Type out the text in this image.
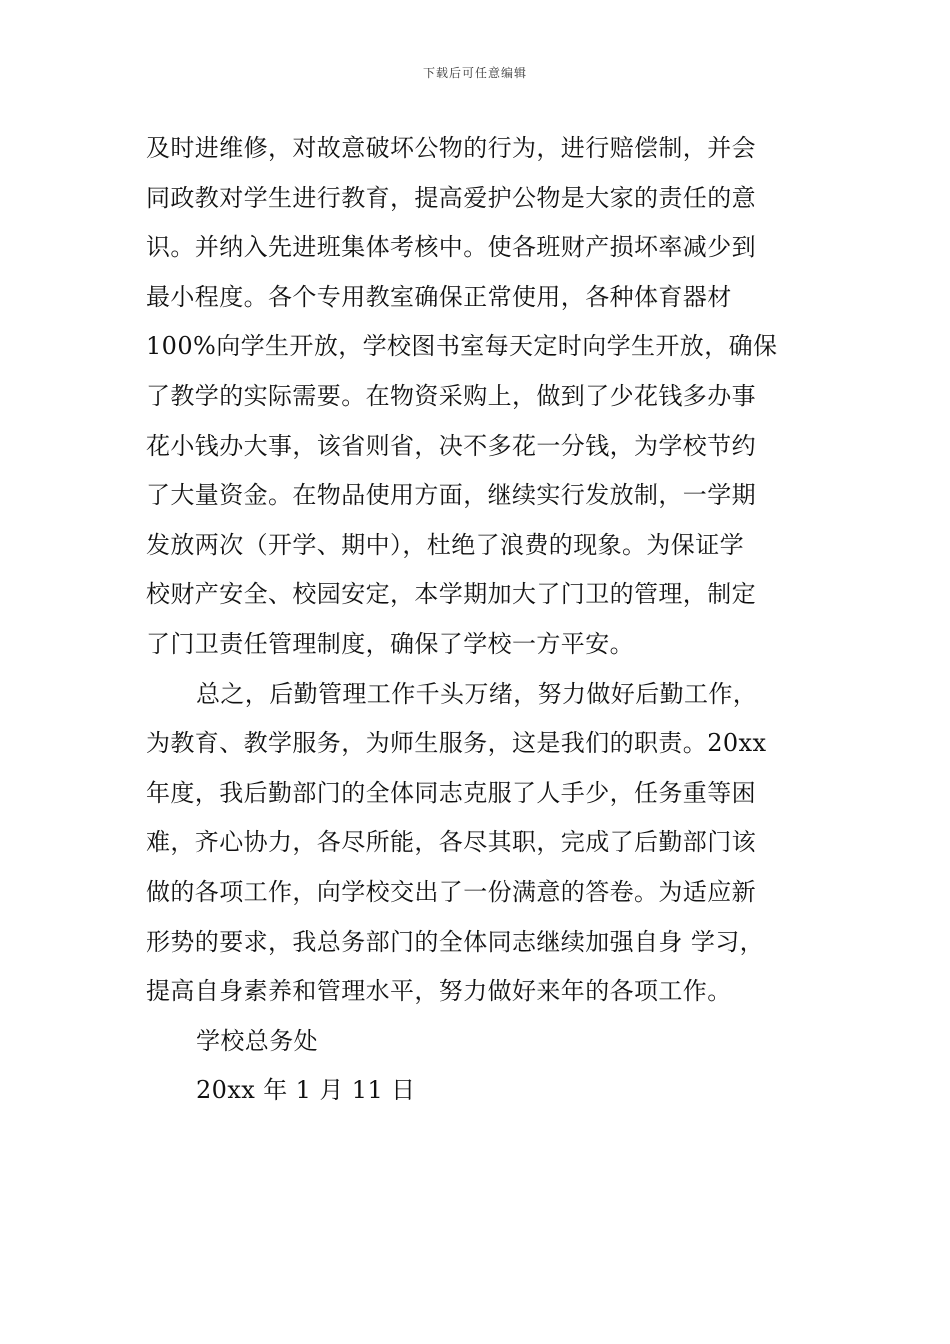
下载后可任意编辑
及时进维修，对故意破坏公物的行为，进行赔偿制，并会
同政教对学生进行教育，提高爱护公物是大家的责任的意
识。并纳入先进班集体考核中。使各班财产损坏率减少到
最小程度。各个专用教室确保正常使用，各种体育器材
100%向学生开放，学校图书室每天定时向学生开放，确保
了教学的实际需要。在物资采购上，做到了少花钱多办事
花小钱办大事，该省则省，决不多花一分钱，为学校节约
了大量资金。在物品使用方面，继续实行发放制，一学期
发放两次（开学、期中），杜绝了浪费的现象。为保证学
校财产安全、校园安定，本学期加大了门卫的管理，制定
了门卫责任管理制度，确保了学校一方平安。
总之，后勤管理工作千头万绪，努力做好后勤工作，
为教育、教学服务，为师生服务，这是我们的职责。20xx
年度，我后勤部门的全体同志克服了人手少，任务重等困
难，齐心协力，各尽所能，各尽其职，完成了后勤部门该
做的各项工作，向学校交出了一份满意的答卷。为适应新
形势的要求，我总务部门的全体同志继续加强自身 学习，
提高自身素养和管理水平，努力做好来年的各项工作。
学校总务处
20xx 年 1 月 11 日
